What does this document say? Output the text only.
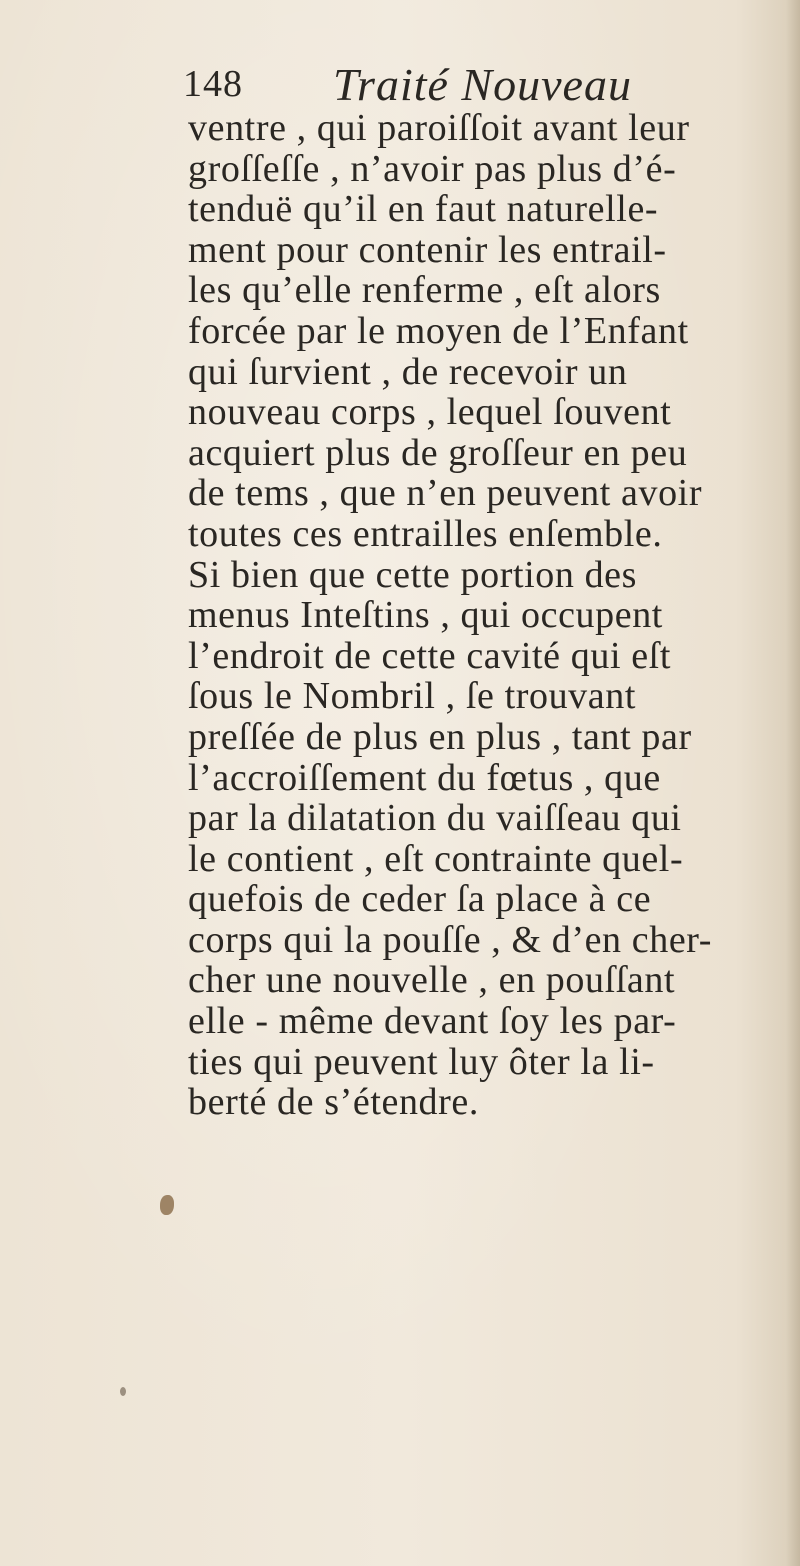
148 Traité Nouveau
ventre , qui paroiſſoit avant leur
groſſeſſe , n’avoir pas plus d’é-
tenduë qu’il en faut naturelle-
ment pour contenir les entrail-
les qu’elle renferme , eſt alors
forcée par le moyen de l’Enfant
qui ſurvient , de recevoir un
nouveau corps , lequel ſouvent
acquiert plus de groſſeur en peu
de tems , que n’en peuvent avoir
toutes ces entrailles enſemble.
Si bien que cette portion des
menus Inteſtins , qui occupent
l’endroit de cette cavité qui eſt
ſous le Nombril , ſe trouvant
preſſée de plus en plus , tant par
l’accroiſſement du fœtus , que
par la dilatation du vaiſſeau qui
le contient , eſt contrainte quel-
quefois de ceder ſa place à ce
corps qui la pouſſe , & d’en cher-
cher une nouvelle , en pouſſant
elle - même devant ſoy les par-
ties qui peuvent luy ôter la li-
berté de s’étendre.
